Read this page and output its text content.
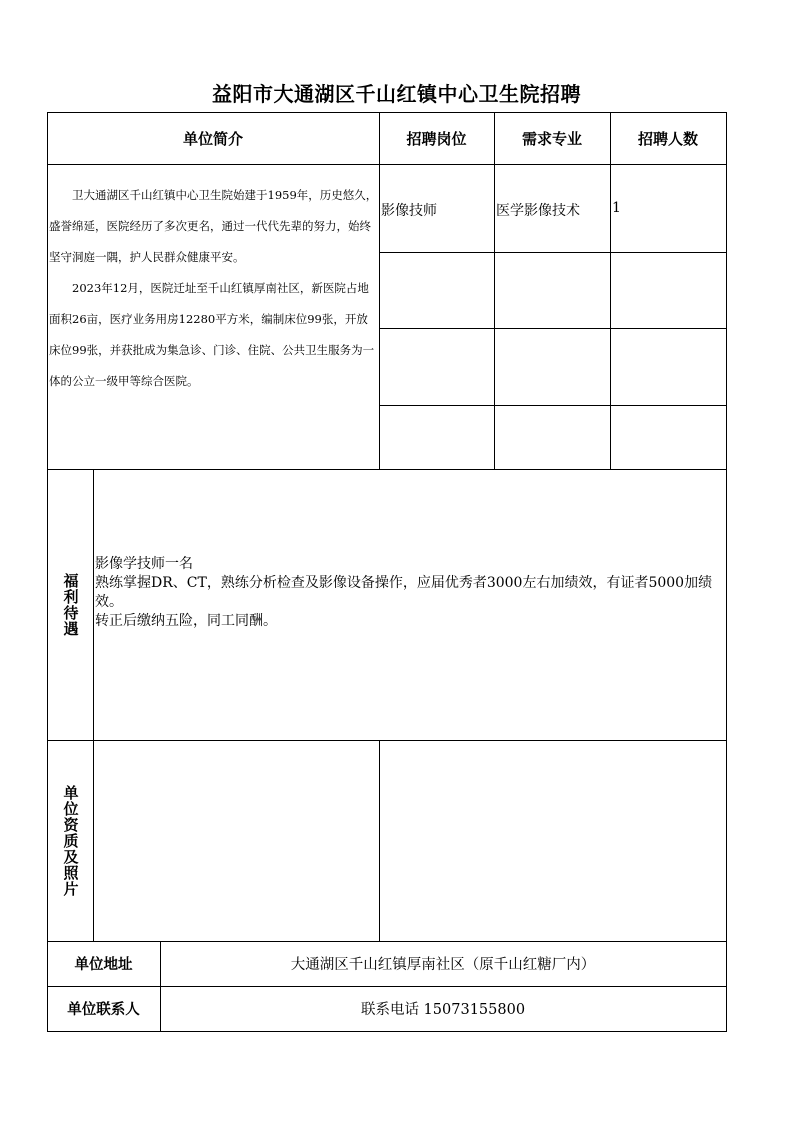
益阳市大通湖区千山红镇中心卫生院招聘
单位简介	招聘岗位	需求专业	招聘人数

卫大通湖区千山红镇中心卫生院始建于1959年，历史悠久，盛誉绵延，医院经历了多次更名，通过一代代先辈的努力，始终坚守洞庭一隅，护人民群众健康平安。

2023年12月，医院迁址至千山红镇厚南社区，新医院占地面积26亩，医疗业务用房12280平方米，编制床位99张，开放床位99张，并获批成为集急诊、门诊、住院、公共卫生服务为一体的公立一级甲等综合医院。

影像技师	医学影像技术 1
福利待遇

影像学技师一名

熟练掌握DR、CT，熟练分析检查及影像设备操作，应届优秀者3000左右加绩效，有证者5000加绩效。

转正后缴纳五险，同工同酬。

单位资质及照片
单位地址	大通湖区千山红镇厚南社区（原千山红糖厂内）
单位联系人	联系电话 15073155800
